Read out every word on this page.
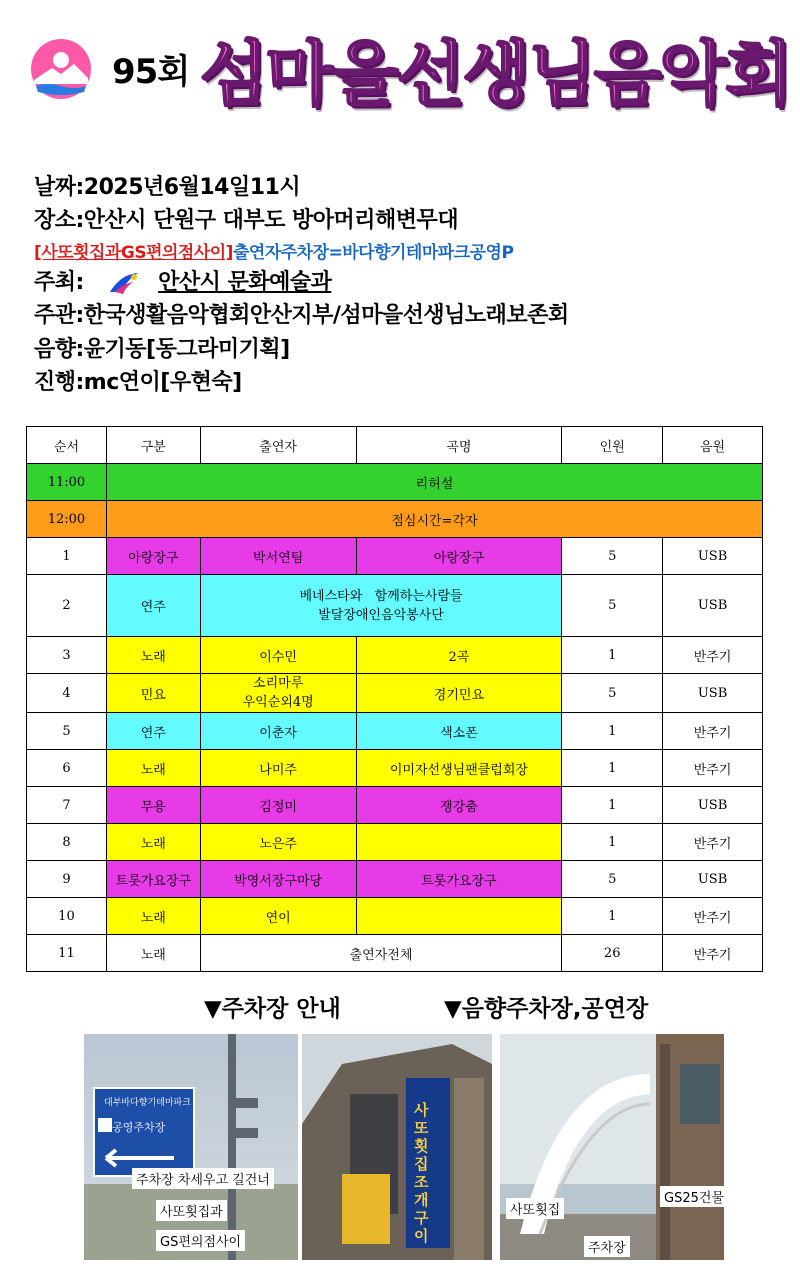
95회 섬마을선생님음악회
날짜:2025년6월14일11시
장소:안산시 단원구 대부도 방아머리해변무대
[사또횟집과GS편의점사이]출연자주차장=바다향기테마파크공영P
주최:	안산시 문화예술과
주관:한국생활음악협회안산지부/섬마을선생님노래보존회
음향:윤기동[동그라미기획]
진행:mc연이[우현숙]
순서	구분	출연자	곡명	인원	음원
11:00	리허설				
12:00	점심시간=각자				
1	아랑장구	박서연팀	아랑장구	5	USB
2	연주	베네스타와   함께하는사람들
발달장애인음악봉사단		5	USB
3	노래	이수민	2곡	1	반주기
4	민요	소리마루
우익순외4명	경기민요	5	USB
5	연주	이춘자	색소폰	1	반주기
6	노래	나미주	이미자선생님팬클럽회장	1	반주기
7	무용	김정미	쟁강춤	1	USB
8	노래	노은주		1	반주기
9	트롯가요장구	박영서장구마당	트롯가요장구	5	USB
10	노래	연이		1	반주기
11	노래	출연자전체		26	반주기
▼주차장 안내	▼음향주차장,공연장
대부바다향기테마파크
P 공영주차장
주차장 차세우고 길건너
사또횟집과
GS편의점사이
사또횟집조개구이
사또횟집
GS25건물
주차장
